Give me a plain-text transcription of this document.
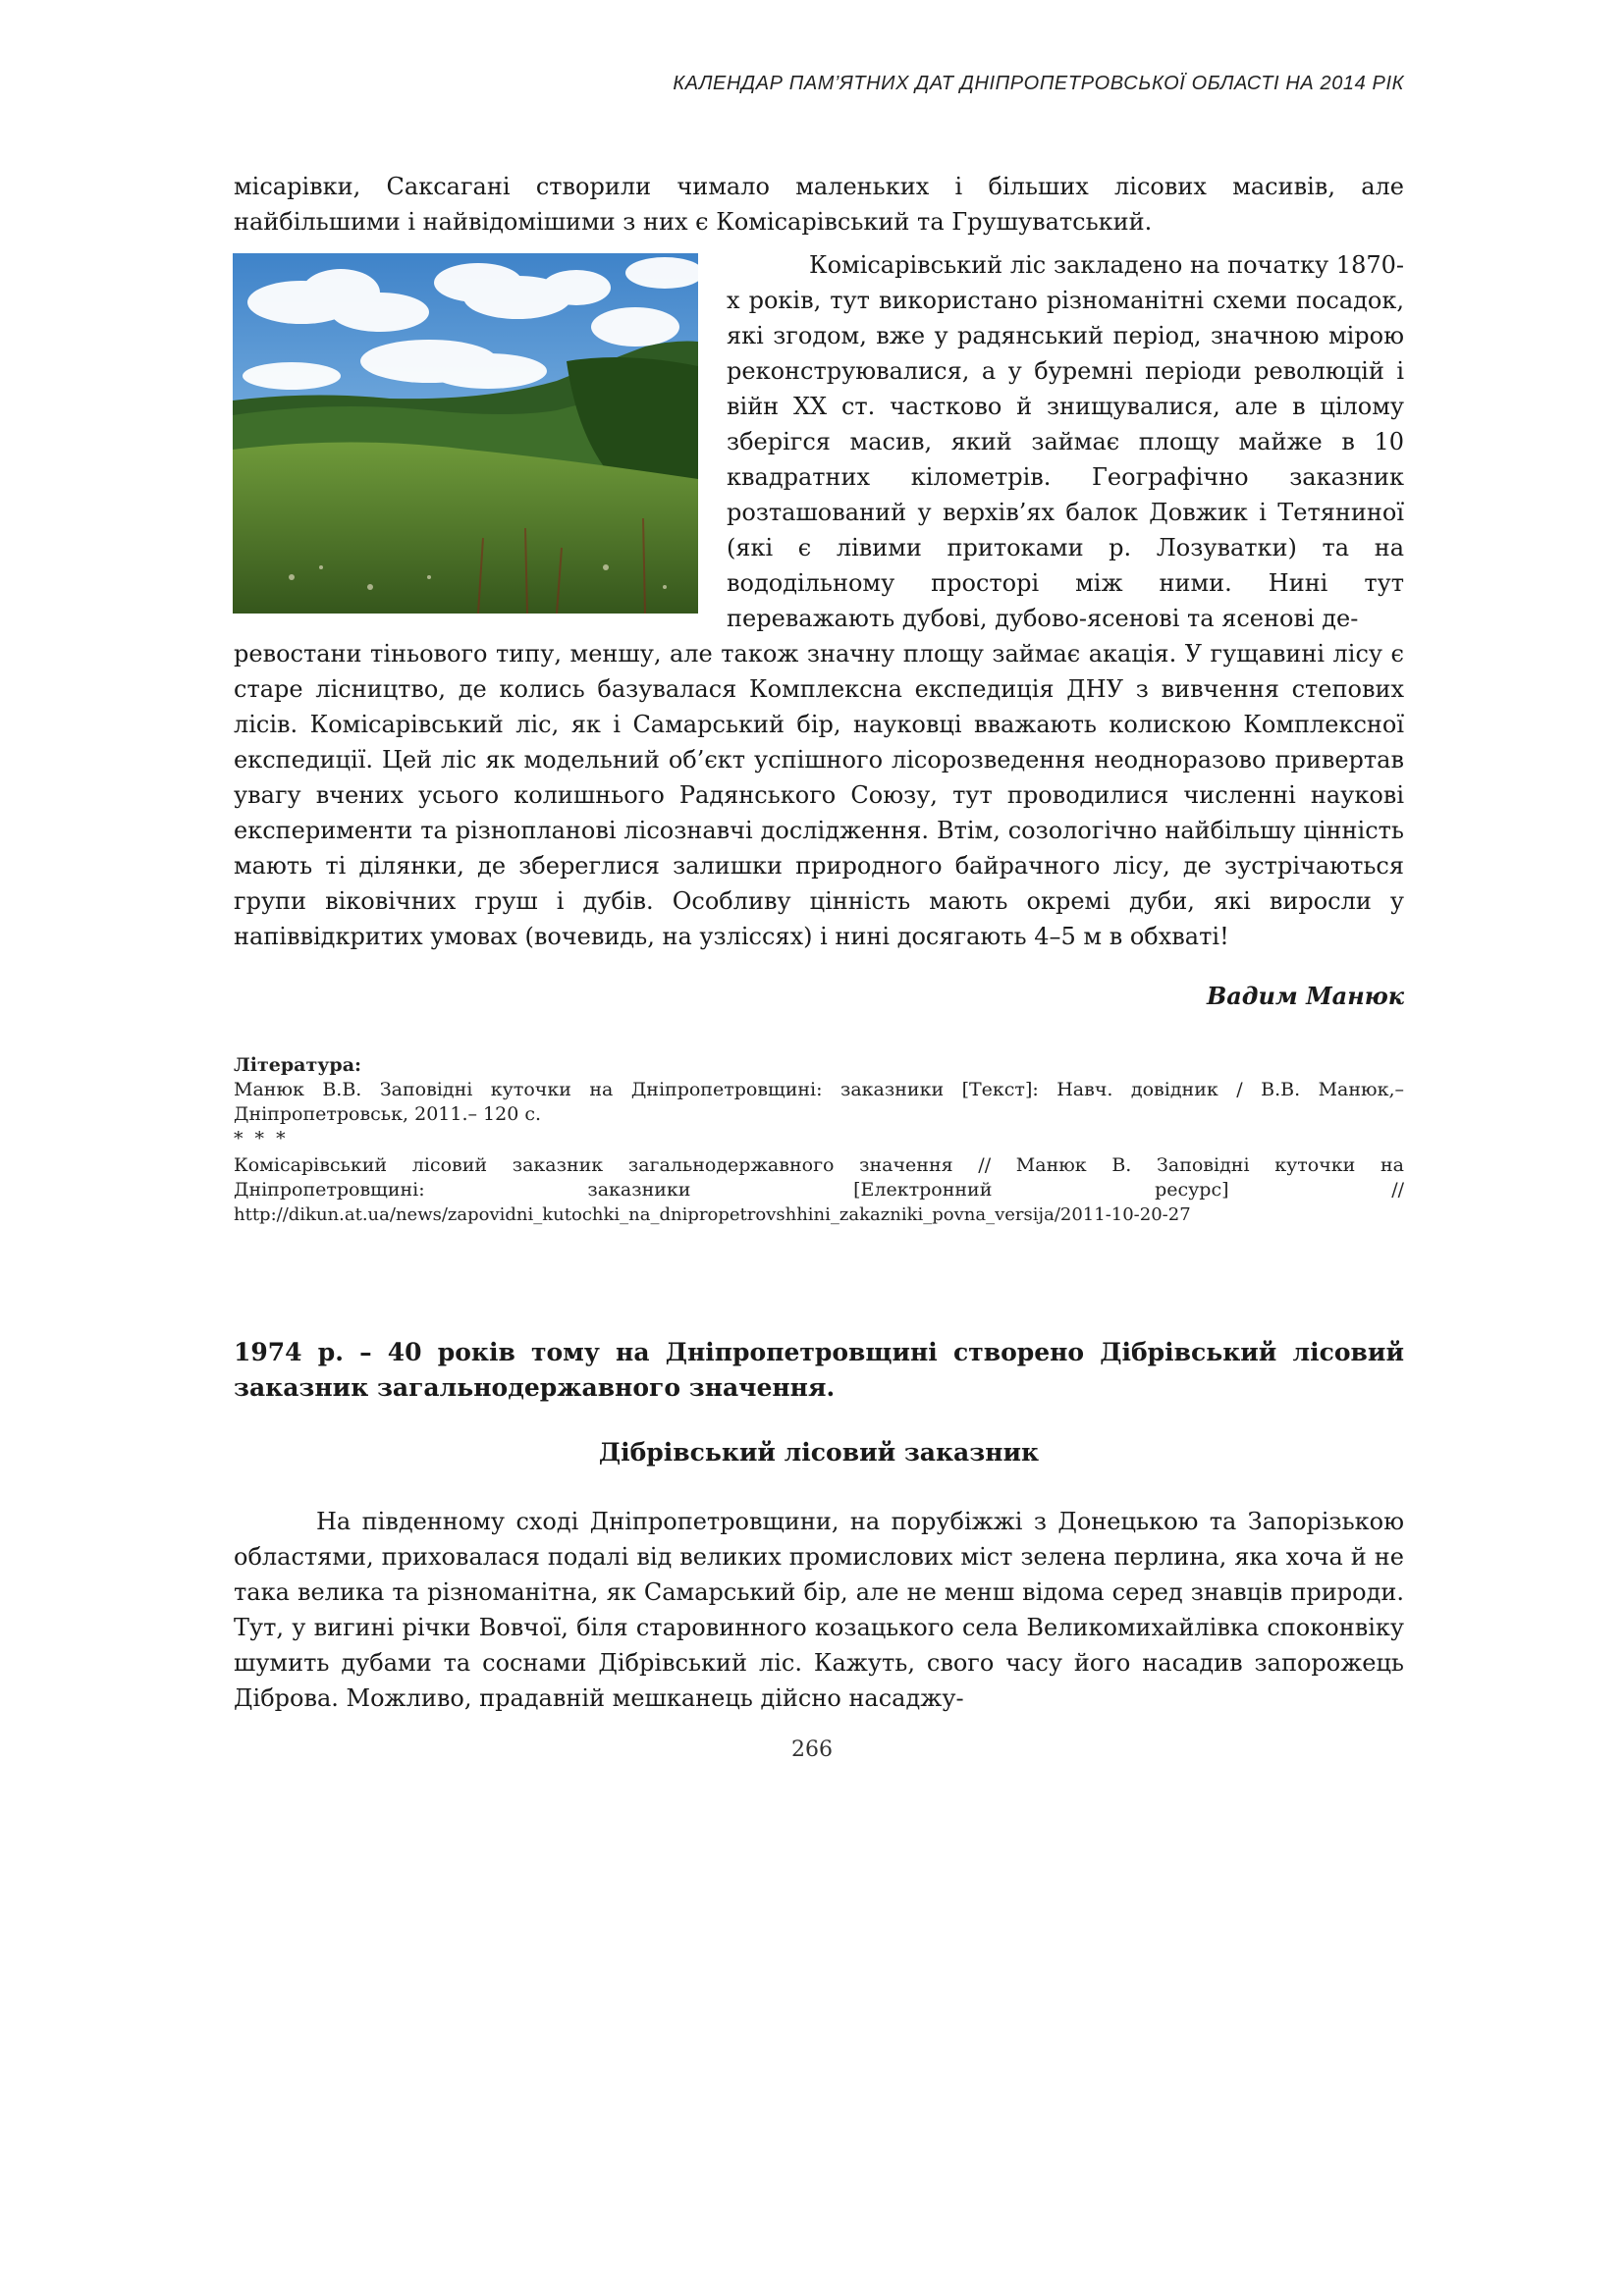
КАЛЕНДАР ПАМ’ЯТНИХ ДАТ ДНІПРОПЕТРОВСЬКОЇ ОБЛАСТІ НА 2014 РІК

місарівки, Саксагані створили чимало маленьких і більших лісових масивів, але найбільшими і найвідомішими з них є Комісарівський та Грушуватський.

Комісарівський ліс закладено на початку 1870-х років, тут використано різноманітні схеми посадок, які згодом, вже у радянський період, значною мірою реконструювалися, а у буремні періоди революцій і війн ХХ ст. частково й знищувалися, але в цілому зберігся масив, який займає площу майже в 10 квадратних кілометрів. Географічно заказник розташований у верхів’ях балок Довжик і Тетяниної (які є лівими притоками р. Лозуватки) та на вододільному просторі між ними. Нині тут переважають дубові, дубово-ясенові та ясенові де-

ревостани тіньового типу, меншу, але також значну площу займає акація. У гущавині лісу є старе лісництво, де колись базувалася Комплексна експедиція ДНУ з вивчення степових лісів. Комісарівський ліс, як і Самарський бір, науковці вважають колискою Комплексної експедиції. Цей ліс як модельний об’єкт успішного лісорозведення неодноразово привертав увагу вчених усього колишнього Радянського Союзу, тут проводилися численні наукові експерименти та різнопланові лісознавчі дослідження. Втім, созологічно найбільшу цінність мають ті ділянки, де збереглися залишки природного байрачного лісу, де зустрічаються групи віковічних груш і дубів. Особливу цінність мають окремі дуби, які виросли у напіввідкритих умовах (вочевидь, на узліссях) і нині досягають 4–5 м в обхваті!

Вадим Манюк
Література:

Манюк В.В. Заповідні куточки на Дніпропетровщині: заказники [Текст]: Навч. довідник / В.В. Манюк,– Дніпропетровськ, 2011.– 120 с.

* * *

Комісарівський лісовий заказник загальнодержавного значення // Манюк В. Заповідні куточки на

Дніпропетровщині: заказники [Електронний ресурс] //

http://dikun.at.ua/news/zapovidni_kutochki_na_dnipropetrovshhini_zakazniki_povna_versija/2011-10-20-27

1974 р. – 40 років тому на Дніпропетровщині створено Дібрівський лісовий заказник загальнодержавного значення.

Дібрівський лісовий заказник

На південному сході Дніпропетровщини, на порубіжжі з Донецькою та Запорізькою областями, приховалася подалі від великих промислових міст зелена перлина, яка хоча й не така велика та різноманітна, як Самарський бір, але не менш відома серед знавців природи. Тут, у вигині річки Вовчої, біля старовинного козацького села Великомихайлівка споконвіку шумить дубами та соснами Дібрівський ліс. Кажуть, свого часу його насадив запорожець Діброва. Можливо, прадавній мешканець дійсно насаджу-

266
